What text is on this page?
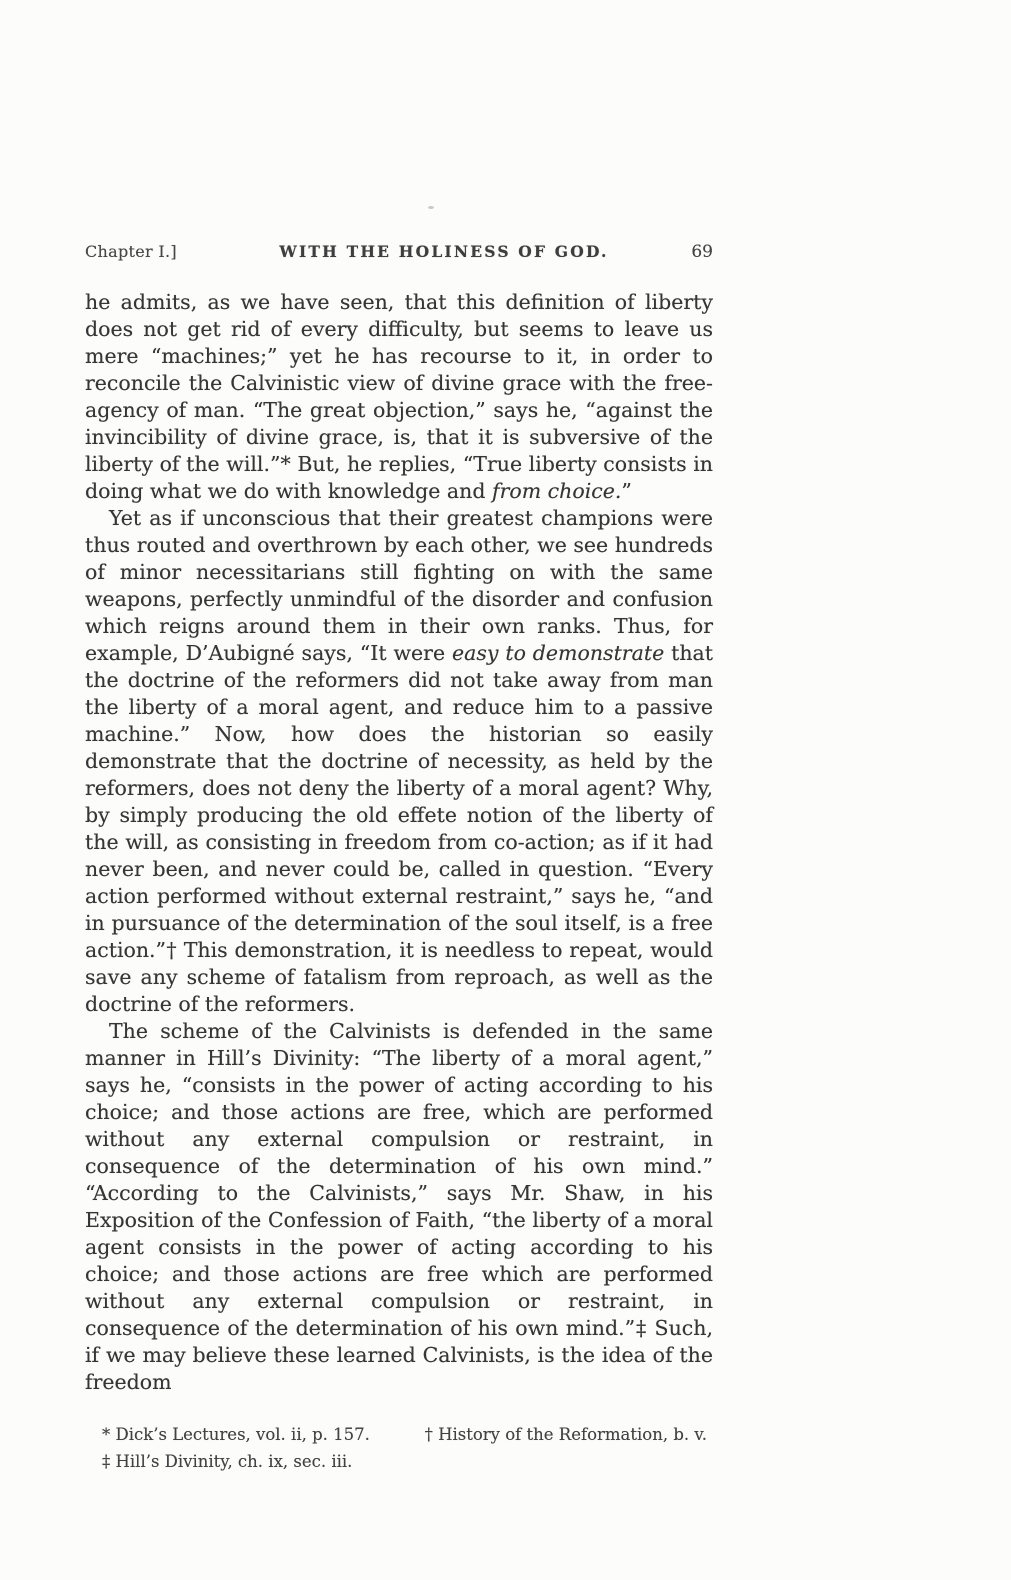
Chapter I.]	WITH THE HOLINESS OF GOD.	69

he admits, as we have seen, that this definition of liberty does not get rid of every difficulty, but seems to leave us mere “machines;” yet he has recourse to it, in order to reconcile the Calvinistic view of divine grace with the free-agency of man. “The great objection,” says he, “against the invincibility of divine grace, is, that it is subversive of the liberty of the will.”* But, he replies, “True liberty consists in doing what we do with knowledge and from choice.”

Yet as if unconscious that their greatest champions were thus routed and overthrown by each other, we see hundreds of minor necessitarians still fighting on with the same weapons, perfectly unmindful of the disorder and confusion which reigns around them in their own ranks. Thus, for example, D’Aubigné says, “It were easy to demonstrate that the doctrine of the reformers did not take away from man the liberty of a moral agent, and reduce him to a passive machine.” Now, how does the historian so easily demonstrate that the doctrine of necessity, as held by the reformers, does not deny the liberty of a moral agent? Why, by simply producing the old effete notion of the liberty of the will, as consisting in freedom from co-action; as if it had never been, and never could be, called in question. “Every action performed without external restraint,” says he, “and in pursuance of the determination of the soul itself, is a free action.”† This demonstration, it is needless to repeat, would save any scheme of fatalism from reproach, as well as the doctrine of the reformers.

The scheme of the Calvinists is defended in the same manner in Hill’s Divinity: “The liberty of a moral agent,” says he, “consists in the power of acting according to his choice; and those actions are free, which are performed without any external compulsion or restraint, in consequence of the determination of his own mind.” “According to the Calvinists,” says Mr. Shaw, in his Exposition of the Confession of Faith, “the liberty of a moral agent consists in the power of acting according to his choice; and those actions are free which are performed without any external compulsion or restraint, in consequence of the determination of his own mind.”‡ Such, if we may believe these learned Calvinists, is the idea of the freedom

* Dick’s Lectures, vol. ii, p. 157.	† History of the Reformation, b. v.
‡ Hill’s Divinity, ch. ix, sec. iii.
